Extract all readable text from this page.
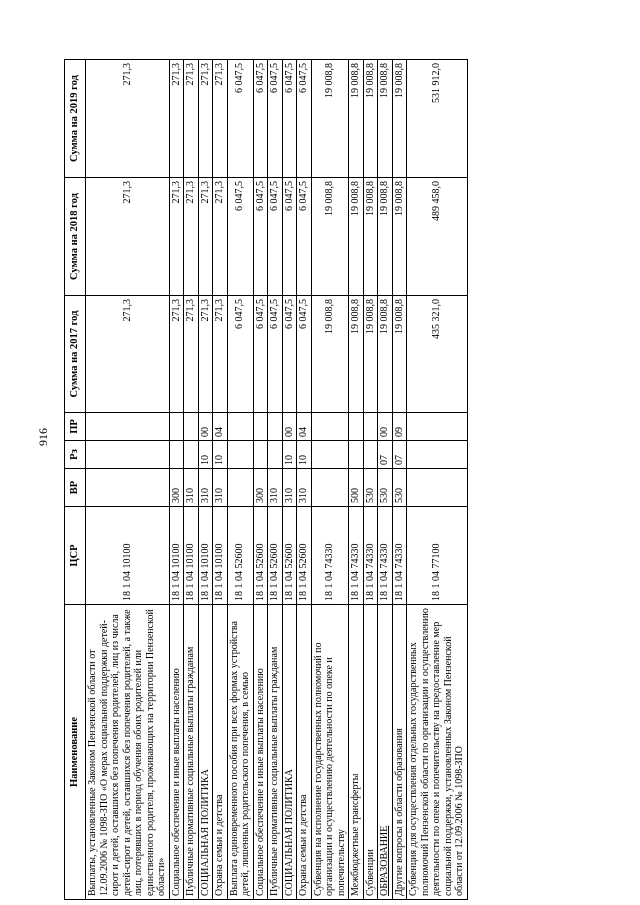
916
Наименование	ЦСР	ВР	Рз	ПР	Сумма на 2017 год	Сумма на 2018 год	Сумма на 2019 год
Выплаты, установленные Законом Пензенской области от 12.09.2006 № 1098-ЗПО «О мерах социальной поддержки детей-сирот и детей, оставшихся без попечения родителей, лиц из числа детей-сирот и детей, оставшихся без попечения родителей, а также лиц, потерявших в период обучения обоих родителей или единственного родителя, проживающих на территории Пензенской области»	18 1 04 10100				271,3	271,3	271,3
Социальное обеспечение и иные выплаты населению	18 1 04 10100	300			271,3	271,3	271,3
Публичные нормативные социальные выплаты гражданам	18 1 04 10100	310			271,3	271,3	271,3
СОЦИАЛЬНАЯ ПОЛИТИКА	18 1 04 10100	310	10	00	271,3	271,3	271,3
Охрана семьи и детства	18 1 04 10100	310	10	04	271,3	271,3	271,3
Выплата единовременного пособия при всех формах устройства детей, лишенных родительского попечения, в семью	18 1 04 52600				6 047,5	6 047,5	6 047,5
Социальное обеспечение и иные выплаты населению	18 1 04 52600	300			6 047,5	6 047,5	6 047,5
Публичные нормативные социальные выплаты гражданам	18 1 04 52600	310			6 047,5	6 047,5	6 047,5
СОЦИАЛЬНАЯ ПОЛИТИКА	18 1 04 52600	310	10	00	6 047,5	6 047,5	6 047,5
Охрана семьи и детства	18 1 04 52600	310	10	04	6 047,5	6 047,5	6 047,5
Субвенция на исполнение государственных полномочий по организации и осуществлению деятельности по опеке и попечительству	18 1 04 74330				19 008,8	19 008,8	19 008,8
Межбюджетные трансферты	18 1 04 74330	500			19 008,8	19 008,8	19 008,8
Субвенции	18 1 04 74330	530			19 008,8	19 008,8	19 008,8
ОБРАЗОВАНИЕ	18 1 04 74330	530	07	00	19 008,8	19 008,8	19 008,8
Другие вопросы в области образования	18 1 04 74330	530	07	09	19 008,8	19 008,8	19 008,8
Субвенция для осуществления отдельных государственных полномочий Пензенской области по организации и осуществлению деятельности по опеке и попечительству на предоставление мер социальной поддержки, установленных Законом Пензенской области от 12.09.2006 № 1098-ЗПО	18 1 04 77100				435 321,0	489 458,0	531 912,0
